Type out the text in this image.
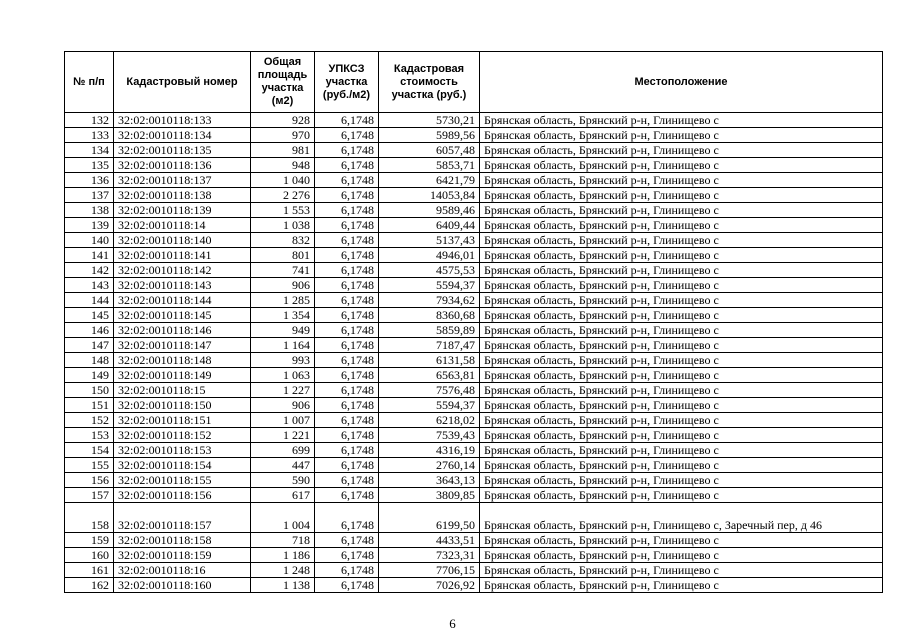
№ п/п	Кадастровый номер	Общая площадь участка (м2)	УПКСЗ участка (руб./м2)	Кадастровая стоимость участка (руб.)	Местоположение
132	32:02:0010118:133	928	6,1748	5730,21	Брянская область, Брянский р-н, Глинищево с
133	32:02:0010118:134	970	6,1748	5989,56	Брянская область, Брянский р-н, Глинищево с
134	32:02:0010118:135	981	6,1748	6057,48	Брянская область, Брянский р-н, Глинищево с
135	32:02:0010118:136	948	6,1748	5853,71	Брянская область, Брянский р-н, Глинищево с
136	32:02:0010118:137	1 040	6,1748	6421,79	Брянская область, Брянский р-н, Глинищево с
137	32:02:0010118:138	2 276	6,1748	14053,84	Брянская область, Брянский р-н, Глинищево с
138	32:02:0010118:139	1 553	6,1748	9589,46	Брянская область, Брянский р-н, Глинищево с
139	32:02:0010118:14	1 038	6,1748	6409,44	Брянская область, Брянский р-н, Глинищево с
140	32:02:0010118:140	832	6,1748	5137,43	Брянская область, Брянский р-н, Глинищево с
141	32:02:0010118:141	801	6,1748	4946,01	Брянская область, Брянский р-н, Глинищево с
142	32:02:0010118:142	741	6,1748	4575,53	Брянская область, Брянский р-н, Глинищево с
143	32:02:0010118:143	906	6,1748	5594,37	Брянская область, Брянский р-н, Глинищево с
144	32:02:0010118:144	1 285	6,1748	7934,62	Брянская область, Брянский р-н, Глинищево с
145	32:02:0010118:145	1 354	6,1748	8360,68	Брянская область, Брянский р-н, Глинищево с
146	32:02:0010118:146	949	6,1748	5859,89	Брянская область, Брянский р-н, Глинищево с
147	32:02:0010118:147	1 164	6,1748	7187,47	Брянская область, Брянский р-н, Глинищево с
148	32:02:0010118:148	993	6,1748	6131,58	Брянская область, Брянский р-н, Глинищево с
149	32:02:0010118:149	1 063	6,1748	6563,81	Брянская область, Брянский р-н, Глинищево с
150	32:02:0010118:15	1 227	6,1748	7576,48	Брянская область, Брянский р-н, Глинищево с
151	32:02:0010118:150	906	6,1748	5594,37	Брянская область, Брянский р-н, Глинищево с
152	32:02:0010118:151	1 007	6,1748	6218,02	Брянская область, Брянский р-н, Глинищево с
153	32:02:0010118:152	1 221	6,1748	7539,43	Брянская область, Брянский р-н, Глинищево с
154	32:02:0010118:153	699	6,1748	4316,19	Брянская область, Брянский р-н, Глинищево с
155	32:02:0010118:154	447	6,1748	2760,14	Брянская область, Брянский р-н, Глинищево с
156	32:02:0010118:155	590	6,1748	3643,13	Брянская область, Брянский р-н, Глинищево с
157	32:02:0010118:156	617	6,1748	3809,85	Брянская область, Брянский р-н, Глинищево с
158	32:02:0010118:157	1 004	6,1748	6199,50	Брянская область, Брянский р-н, Глинищево с, Заречный пер, д 46
159	32:02:0010118:158	718	6,1748	4433,51	Брянская область, Брянский р-н, Глинищево с
160	32:02:0010118:159	1 186	6,1748	7323,31	Брянская область, Брянский р-н, Глинищево с
161	32:02:0010118:16	1 248	6,1748	7706,15	Брянская область, Брянский р-н, Глинищево с
162	32:02:0010118:160	1 138	6,1748	7026,92	Брянская область, Брянский р-н, Глинищево с
6
